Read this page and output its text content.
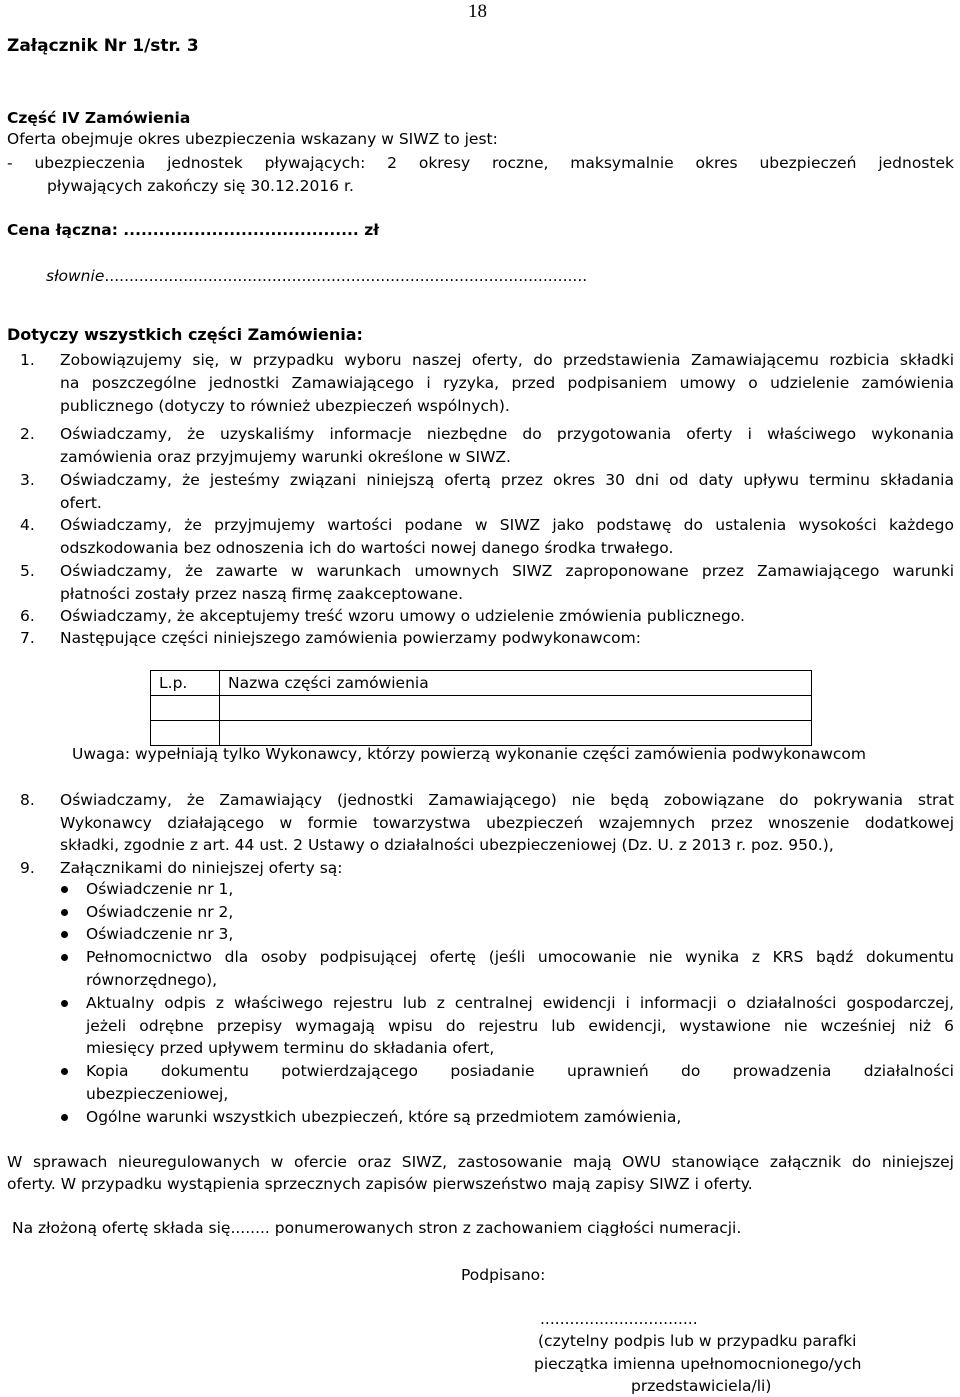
18
Załącznik Nr 1/str. 3
Część IV Zamówienia
Oferta obejmuje okres ubezpieczenia wskazany w SIWZ to jest:
- ubezpieczenia jednostek pływających: 2 okresy roczne, maksymalnie okres ubezpieczeń jednostek
pływających zakończy się 30.12.2016 r.
Cena łączna: ........................................ zł
słownie..................................................................................................
Dotyczy wszystkich części Zamówienia:
1. Zobowiązujemy się, w przypadku wyboru naszej oferty, do przedstawienia Zamawiającemu rozbicia składki
na poszczególne jednostki Zamawiającego i ryzyka, przed podpisaniem umowy o udzielenie zamówienia
publicznego (dotyczy to również ubezpieczeń wspólnych).
2. Oświadczamy, że uzyskaliśmy informacje niezbędne do przygotowania oferty i właściwego wykonania
zamówienia oraz przyjmujemy warunki określone w SIWZ.
3. Oświadczamy, że jesteśmy związani niniejszą ofertą przez okres 30 dni od daty upływu terminu składania
ofert.
4. Oświadczamy, że przyjmujemy wartości podane w SIWZ jako podstawę do ustalenia wysokości każdego
odszkodowania bez odnoszenia ich do wartości nowej danego środka trwałego.
5. Oświadczamy, że zawarte w warunkach umownych SIWZ zaproponowane przez Zamawiającego warunki
płatności zostały przez naszą firmę zaakceptowane.
6. Oświadczamy, że akceptujemy treść wzoru umowy o udzielenie zmówienia publicznego.
7. Następujące części niniejszego zamówienia powierzamy podwykonawcom:
L.p.	Nazwa części zamówienia

Uwaga: wypełniają tylko Wykonawcy, którzy powierzą wykonanie części zamówienia podwykonawcom
8. Oświadczamy, że Zamawiający (jednostki Zamawiającego) nie będą zobowiązane do pokrywania strat
Wykonawcy działającego w formie towarzystwa ubezpieczeń wzajemnych przez wnoszenie dodatkowej
składki, zgodnie z art. 44 ust. 2 Ustawy o działalności ubezpieczeniowej (Dz. U. z 2013 r. poz. 950.),
9. Załącznikami do niniejszej oferty są:
Oświadczenie nr 1,
Oświadczenie nr 2,
Oświadczenie nr 3,
Pełnomocnictwo dla osoby podpisującej ofertę (jeśli umocowanie nie wynika z KRS bądź dokumentu
równorzędnego),
Aktualny odpis z właściwego rejestru lub z centralnej ewidencji i informacji o działalności gospodarczej,
jeżeli odrębne przepisy wymagają wpisu do rejestru lub ewidencji, wystawione nie wcześniej niż 6
miesięcy przed upływem terminu do składania ofert,
Kopia dokumentu potwierdzającego posiadanie uprawnień do prowadzenia działalności
ubezpieczeniowej,
Ogólne warunki wszystkich ubezpieczeń, które są przedmiotem zamówienia,
W sprawach nieuregulowanych w ofercie oraz SIWZ, zastosowanie mają OWU stanowiące załącznik do niniejszej
oferty. W przypadku wystąpienia sprzecznych zapisów pierwszeństwo mają zapisy SIWZ i oferty.
Na złożoną ofertę składa się........ ponumerowanych stron z zachowaniem ciągłości numeracji.
Podpisano:
................................
(czytelny podpis lub w przypadku parafki
pieczątka imienna upełnomocnionego/ych
przedstawiciela/li)
